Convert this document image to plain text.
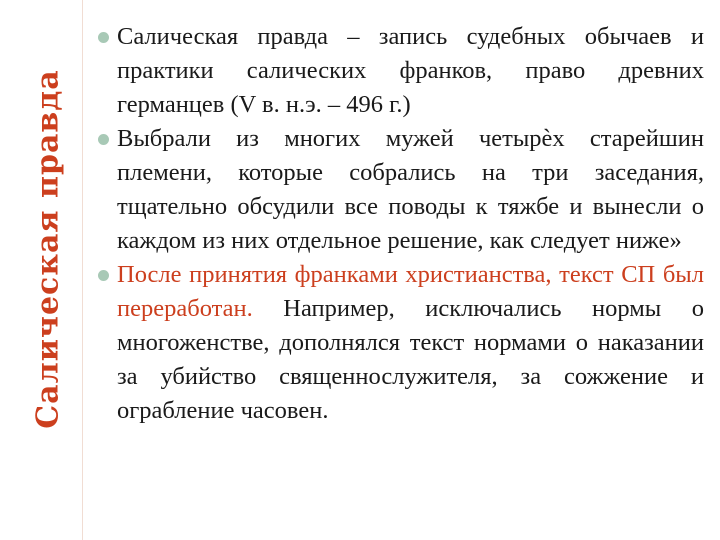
Салическая правда
Салическая правда – запись судебных обычаев и практики салических франков, право древних германцев (V в. н.э. – 496 г.)
Выбрали из многих мужей четырѐх старейшин племени, которые собрались на три заседания, тщательно обсудили все поводы к тяжбе и вынесли о каждом из них отдельное решение, как следует ниже»
После принятия франками христианства, текст СП был переработан. Например, исключались нормы о многоженстве, дополнялся текст нормами о наказании за убийство священнослужителя, за сожжение и ограбление часовен.
